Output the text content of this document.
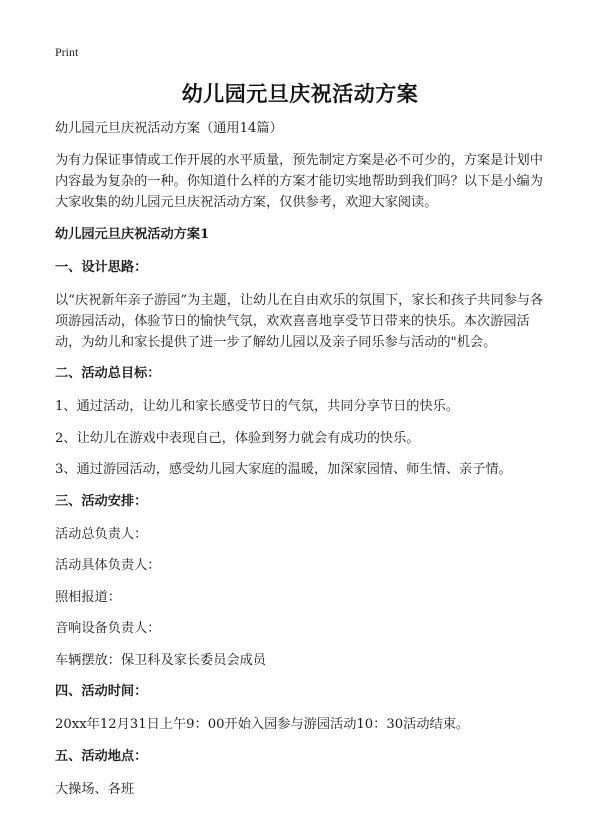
Print
幼儿园元旦庆祝活动方案

幼儿园元旦庆祝活动方案（通用14篇）

为有力保证事情或工作开展的水平质量，预先制定方案是必不可少的，方案是计划中内容最为复杂的一种。你知道什么样的方案才能切实地帮助到我们吗？以下是小编为大家收集的幼儿园元旦庆祝活动方案，仅供参考，欢迎大家阅读。

幼儿园元旦庆祝活动方案1

一、设计思路：

以“庆祝新年亲子游园”为主题，让幼儿在自由欢乐的氛围下，家长和孩子共同参与各项游园活动，体验节日的愉快气氛，欢欢喜喜地享受节日带来的快乐。本次游园活动，为幼儿和家长提供了进一步了解幼儿园以及亲子同乐参与活动的"机会。

二、活动总目标：

1、通过活动，让幼儿和家长感受节日的气氛，共同分享节日的快乐。

2、让幼儿在游戏中表现自己，体验到努力就会有成功的快乐。

3、通过游园活动，感受幼儿园大家庭的温暖，加深家园情、师生情、亲子情。

三、活动安排：

活动总负责人：

活动具体负责人：

照相报道：

音响设备负责人：

车辆摆放：保卫科及家长委员会成员

四、活动时间：

20xx年12月31日上午9：00开始入园参与游园活动10：30活动结束。

五、活动地点：

大操场、各班
